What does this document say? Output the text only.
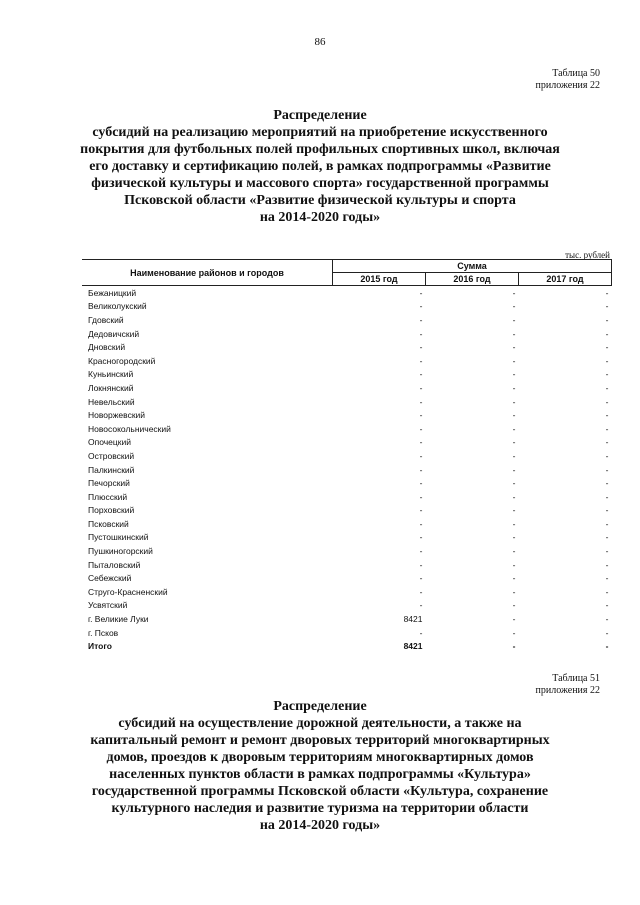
86
Таблица 50
приложения 22
Распределение
субсидий на реализацию мероприятий на приобретение искусственного
покрытия для футбольных полей профильных спортивных школ, включая
его доставку и сертификацию полей, в рамках подпрограммы «Развитие
физической культуры и массового спорта» государственной программы
Псковской области «Развитие физической культуры и спорта
на 2014-2020 годы»
тыс. рублей
Наименование районов и городов	Сумма		
	2015 год	2016 год	2017 год
Бежаницкий	-	-	-
Великолукский	-	-	-
Гдовский	-	-	-
Дедовичский	-	-	-
Дновский	-	-	-
Красногородский	-	-	-
Куньинский	-	-	-
Локнянский	-	-	-
Невельский	-	-	-
Новоржевский	-	-	-
Новосокольнический	-	-	-
Опочецкий	-	-	-
Островский	-	-	-
Палкинский	-	-	-
Печорский	-	-	-
Плюсский	-	-	-
Порховский	-	-	-
Псковский	-	-	-
Пустошкинский	-	-	-
Пушкиногорский	-	-	-
Пыталовский	-	-	-
Себежский	-	-	-
Струго-Красненский	-	-	-
Усвятский	-	-	-
г. Великие Луки	8421	-	-
г. Псков	-	-	-
Итого	8421	-	-
Таблица 51
приложения 22
Распределение
субсидий на осуществление дорожной деятельности, а также на
капитальный ремонт и ремонт дворовых территорий многоквартирных
домов, проездов к дворовым территориям многоквартирных домов
населенных пунктов области в рамках подпрограммы «Культура»
государственной программы Псковской области «Культура, сохранение
культурного наследия и развитие туризма на территории области
на 2014-2020 годы»
